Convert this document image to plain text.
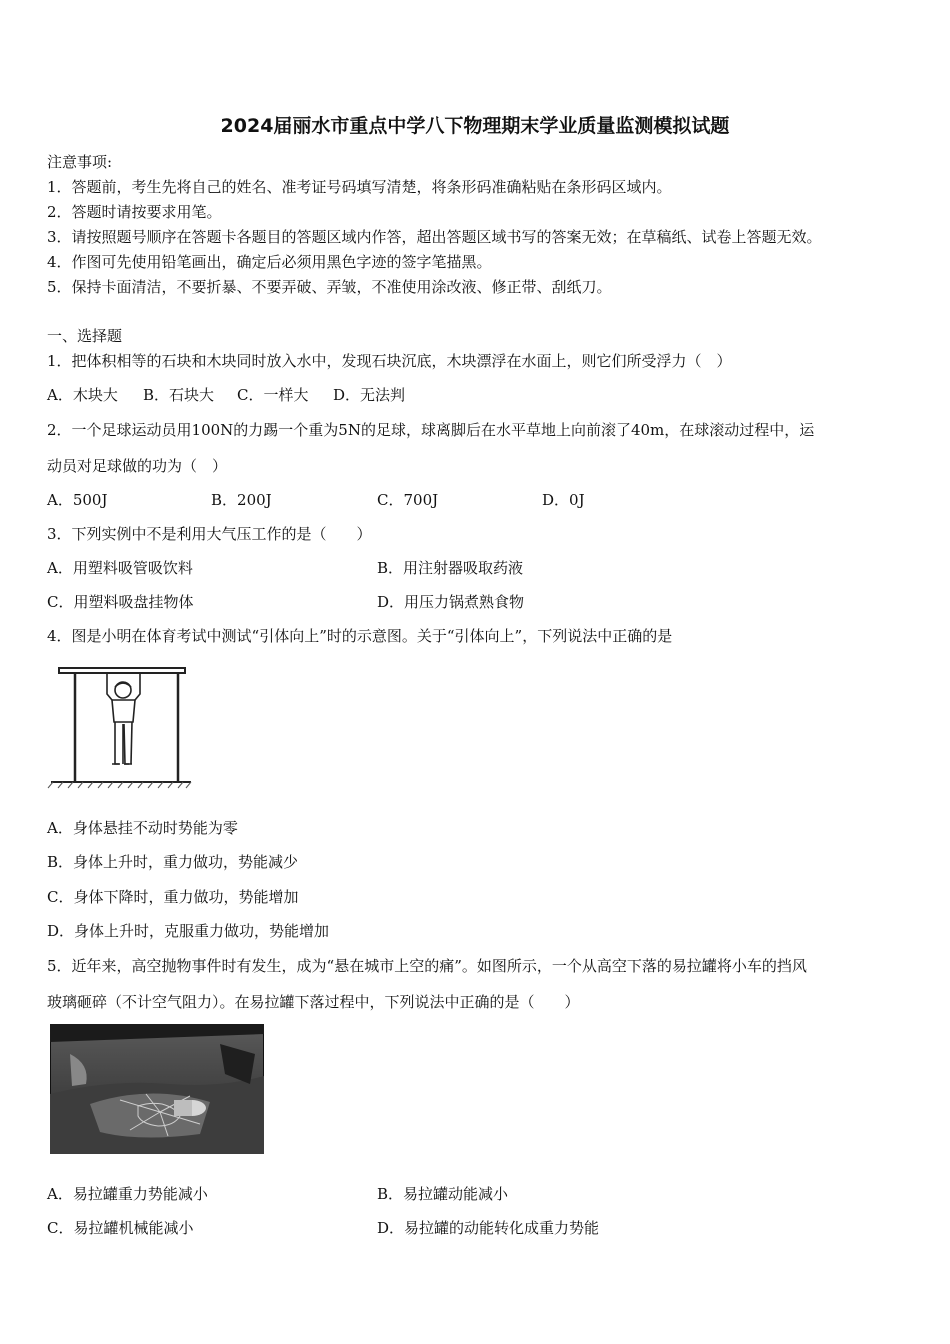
2024届丽水市重点中学八下物理期末学业质量监测模拟试题
注意事项:
1．答题前，考生先将自己的姓名、准考证号码填写清楚，将条形码准确粘贴在条形码区域内。
2．答题时请按要求用笔。
3．请按照题号顺序在答题卡各题目的答题区域内作答，超出答题区域书写的答案无效；在草稿纸、试卷上答题无效。
4．作图可先使用铅笔画出，确定后必须用黑色字迹的签字笔描黑。
5．保持卡面清洁，不要折暴、不要弄破、弄皱，不准使用涂改液、修正带、刮纸刀。
一、选择题
1．把体积相等的石块和木块同时放入水中，发现石块沉底，木块漂浮在水面上，则它们所受浮力（　）
A．木块大 B．石块大 C．一样大 D．无法判
2．一个足球运动员用100N的力踢一个重为5N的足球，球离脚后在水平草地上向前滚了40m，在球滚动过程中，运
动员对足球做的功为（　）
A．500J	B．200J	C．700J	D．0J
3．下列实例中不是利用大气压工作的是（　　）
A．用塑料吸管吸饮料	B．用注射器吸取药液
C．用塑料吸盘挂物体	D．用压力锅煮熟食物
4．图是小明在体育考试中测试“引体向上”时的示意图。关于“引体向上”，下列说法中正确的是
A．身体悬挂不动时势能为零
B．身体上升时，重力做功，势能减少
C．身体下降时，重力做功，势能增加
D．身体上升时，克服重力做功，势能增加
5．近年来，高空抛物事件时有发生，成为“悬在城市上空的痛”。如图所示，一个从高空下落的易拉罐将小车的挡风
玻璃砸碎（不计空气阻力）。在易拉罐下落过程中，下列说法中正确的是（　　）
A．易拉罐重力势能减小	B．易拉罐动能减小
C．易拉罐机械能减小	D．易拉罐的动能转化成重力势能
